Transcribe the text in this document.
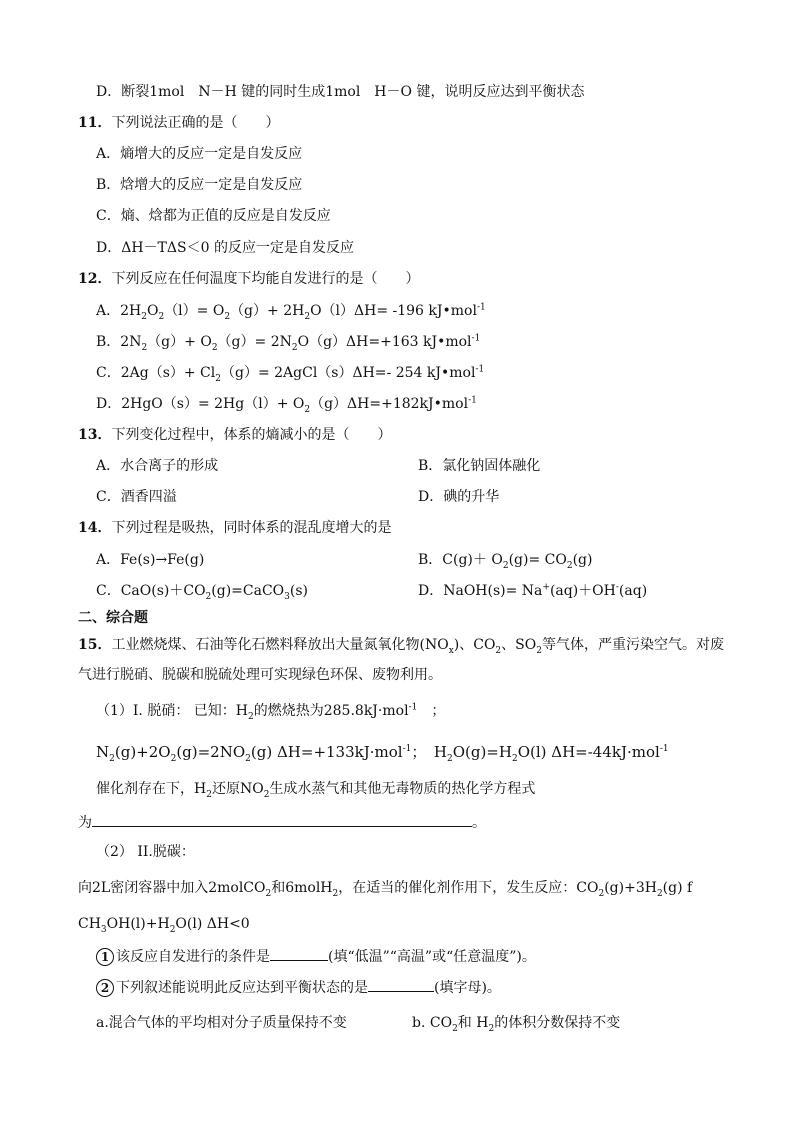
D．断裂1mol　N－H 键的同时生成1mol　H－O 键，说明反应达到平衡状态
11．下列说法正确的是（　　）
A．熵增大的反应一定是自发反应
B．焓增大的反应一定是自发反应
C．熵、焓都为正值的反应是自发反应
D．ΔH－TΔS＜0 的反应一定是自发反应
12．下列反应在任何温度下均能自发进行的是（　　）
A．$2H_2O_2(l)= O_2(g)+ 2H_2O(l)\Delta H= -196$ kJ•mol$^{-1}$
B．$2N_2(g)+ O_2(g)= 2N_2O(g)\Delta H=+163$ kJ•mol$^{-1}$
C．$2Ag(s)+ Cl_2(g)=$ 2AgCl（s）ΔH=- 254 kJ•mol$^{-1}$
D．$2HgO(s)= 2Hg(l)+ O_2(g)\Delta H=+182kJ•mol^{-1}$
13．下列变化过程中，体系的熵减小的是（　　）
A．水合离子的形成	B．氯化钠固体融化
C．酒香四溢	D．碘的升华
14．下列过程是吸热，同时体系的混乱度增大的是
A．Fe(s)→Fe(g)	B．$C(g)+ O_2(g)= CO_2(g)$
C．$CaO(s)+CO_2(g)=CaCO_3(s)$	D．NaOH(s)= Na+(aq)＋OH-(aq)
二、综合题
15．工业燃烧煤、石油等化石燃料释放出大量氮氧化物$(NO_x)$、$CO_2$、$SO_2$等气体，严重污染空气。对废
气进行脱硝、脱碳和脱硫处理可实现绿色环保、废物利用。
（1）I. 脱硝： 已知：$H_2$的燃烧热为285.8kJ·mol$^{-1}$　；
$N_2(g)+2O_2(g)=2NO_2(g)$ ΔH=+133kJ·mol$^{-1}$；　$H_2O(g)=H_2O(l)$ ΔH=-44kJ·mol$^{-1}$
催化剂存在下，$H_2$还原$NO_2$生成水蒸气和其他无毒物质的热化学方程式
为	。
（2） II.脱碳：
向2L密闭容器中加入2molCO$_2$和6molH$_2$，在适当的催化剂作用下，发生反应：$CO_2(g)+3H_2(g)$ f
$CH_3OH(l)+H_2O(l)$ ΔH<0
1 该反应自发进行的条件是	(填“低温”“高温”或“任意温度”)。
2 下列叙述能说明此反应达到平衡状态的是	(填字母)。
a.混合气体的平均相对分子质量保持不变	b. $CO_2$和 $H_2$的体积分数保持不变
